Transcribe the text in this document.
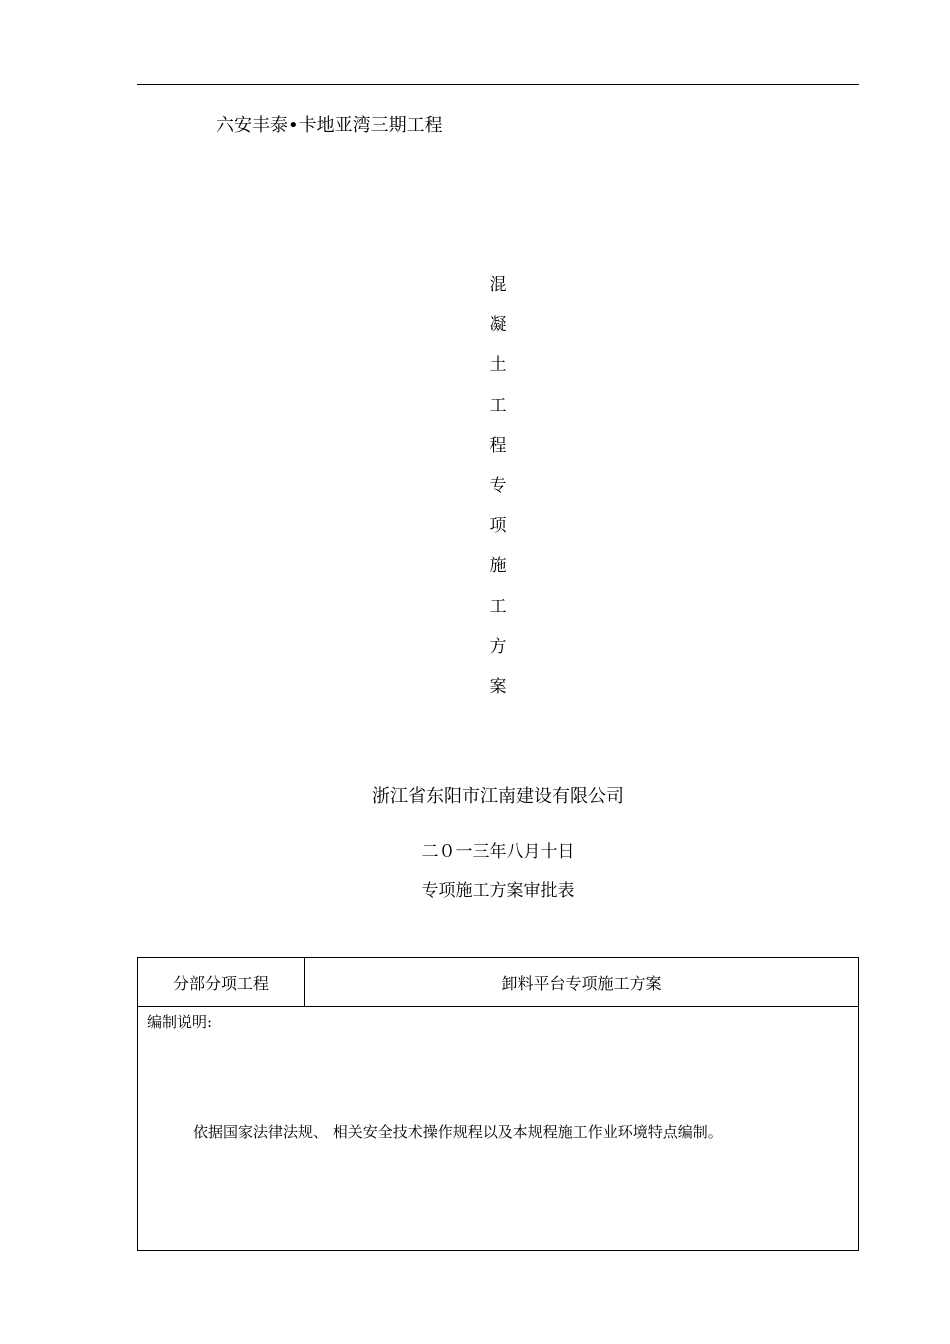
六安丰泰•卡地亚湾三期工程
混
凝
土
工
程
专
项
施
工
方
案
浙江省东阳市江南建设有限公司
二０一三年八月十日
专项施工方案审批表
分部分项工程	卸料平台专项施工方案
编制说明:
依据国家法律法规、 相关安全技术操作规程以及本规程施工作业环境特点编制。
